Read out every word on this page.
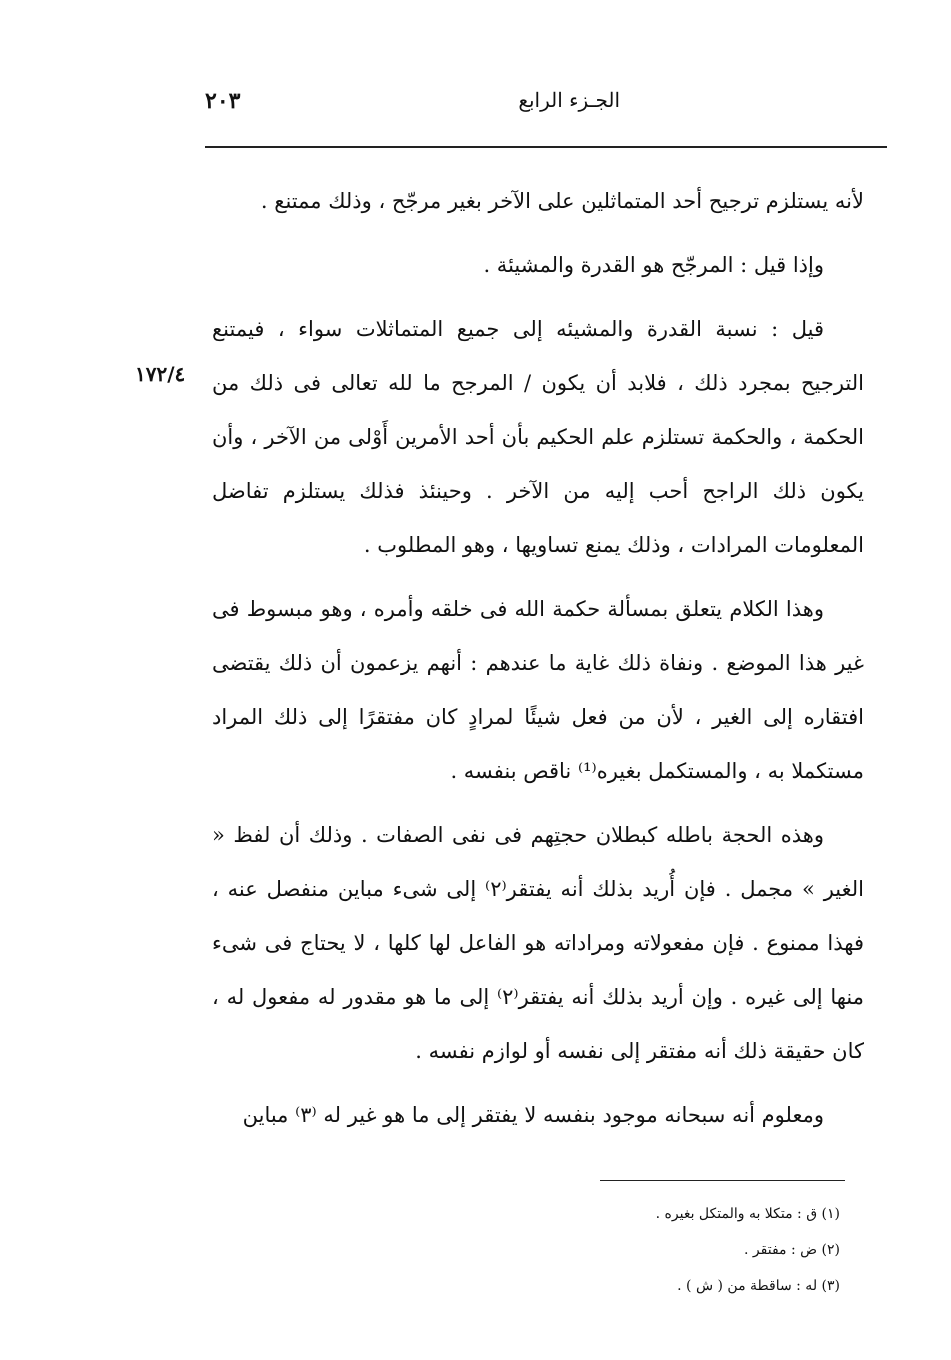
الجـزء الرابع
٢٠٣
١٧٢/٤

لأنه يستلزم ترجيح أحد المتماثلين على الآخر بغير مرجّح ، وذلك ممتنع .

وإذا قيل : المرجّح هو القدرة والمشيئة .

قيل : نسبة القدرة والمشيئه إلى جميع المتماثلات سواء ، فيمتنع الترجيح بمجرد ذلك ، فلابد أن يكون / المرجح ما لله تعالى فى ذلك من الحكمة ، والحكمة تستلزم علم الحكيم بأن أحد الأمرين أَوْلى من الآخر ، وأن يكون ذلك الراجح أحب إليه من الآخر . وحينئذ فذلك يستلزم تفاضل المعلومات المرادات ، وذلك يمنع تساويها ، وهو المطلوب .

وهذا الكلام يتعلق بمسألة حكمة الله فى خلقه وأمره ، وهو مبسوط فى غير هذا الموضع . ونفاة ذلك غاية ما عندهم : أنهم يزعمون أن ذلك يقتضى افتقاره إلى الغير ، لأن من فعل شيئًا لمرادٍ كان مفتقرًا إلى ذلك المراد مستكملا به ، والمستكمل بغيره⁽¹⁾ ناقص بنفسه .

وهذه الحجة باطله كبطلان حجتِهم فى نفى الصفات . وذلك أن لفظ « الغير » مجمل . فإن أُريد بذلك أنه يفتقر⁽٢⁾ إلى شىء مباين منفصل عنه ، فهذا ممنوع . فإن مفعولاته ومراداته هو الفاعل لها كلها ، لا يحتاج فى شىء منها إلى غيره . وإن أريد بذلك أنه يفتقر⁽٢⁾ إلى ما هو مقدور له مفعول له ، كان حقيقة ذلك أنه مفتقر إلى نفسه أو لوازم نفسه .

ومعلوم أنه سبحانه موجود بنفسه لا يفتقر إلى ما هو غير له ⁽٣⁾ مباين

(١) ق : متكلا به والمتكل بغيره .

(٢) ض : مفتقر .

(٣) له : ساقطة من ( ش ) .
